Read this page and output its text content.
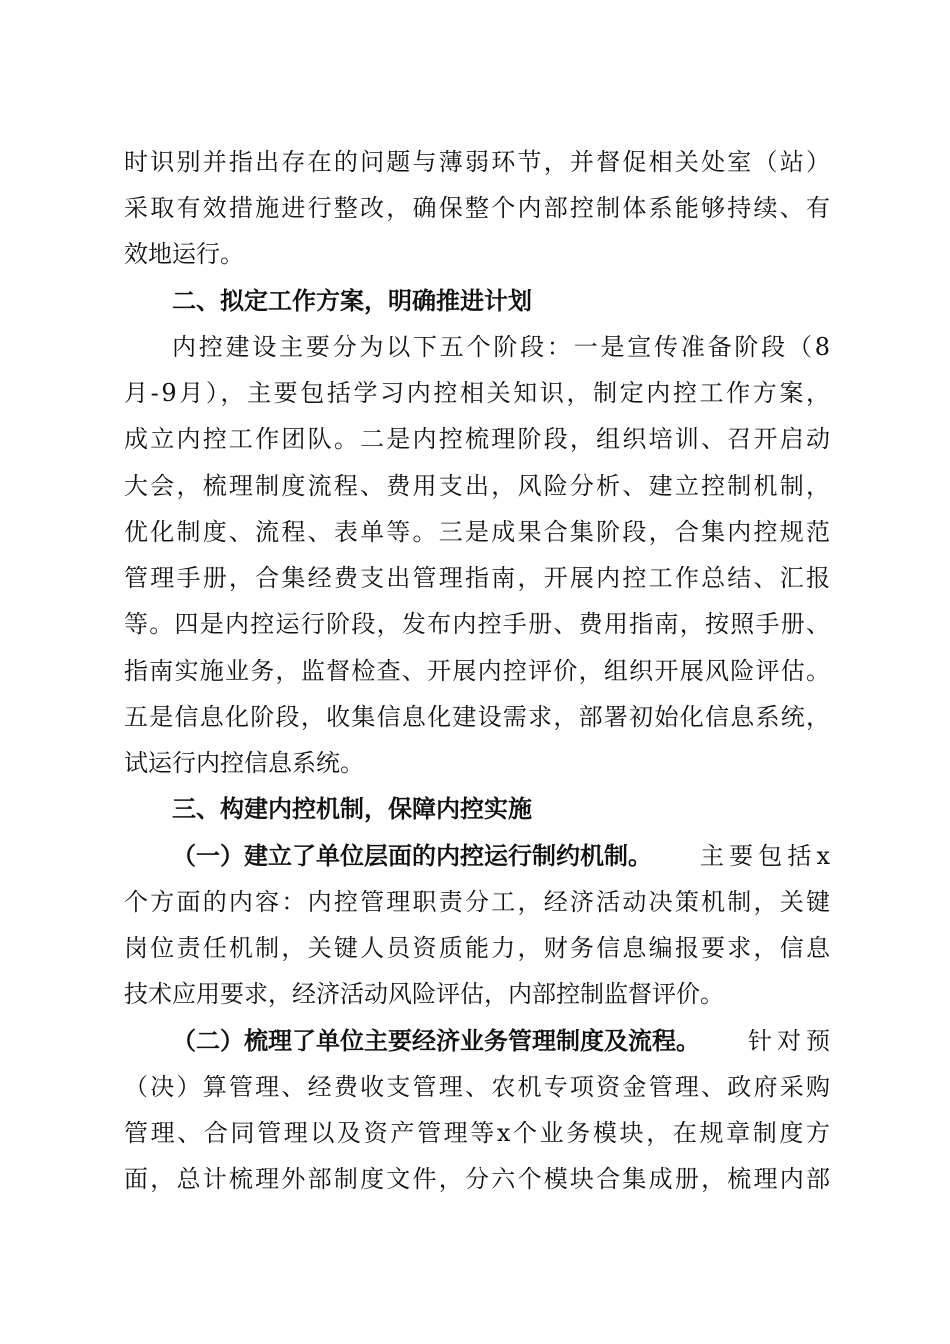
时识别并指出存在的问题与薄弱环节，并督促相关处室（站）
采取有效措施进行整改，确保整个内部控制体系能够持续、有
效地运行。
二、拟定工作方案，明确推进计划
内控建设主要分为以下五个阶段：一是宣传准备阶段（8
月-9月），主要包括学习内控相关知识，制定内控工作方案，
成立内控工作团队。二是内控梳理阶段，组织培训、召开启动
大会，梳理制度流程、费用支出，风险分析、建立控制机制，
优化制度、流程、表单等。三是成果合集阶段，合集内控规范
管理手册，合集经费支出管理指南，开展内控工作总结、汇报
等。四是内控运行阶段，发布内控手册、费用指南，按照手册、
指南实施业务，监督检查、开展内控评价，组织开展风险评估。
五是信息化阶段，收集信息化建设需求，部署初始化信息系统，
试运行内控信息系统。
三、构建内控机制，保障内控实施
（一）建立了单位层面的内控运行制约机制。 主要包括x
个方面的内容：内控管理职责分工，经济活动决策机制，关键
岗位责任机制，关键人员资质能力，财务信息编报要求，信息
技术应用要求，经济活动风险评估，内部控制监督评价。
（二）梳理了单位主要经济业务管理制度及流程。 针对预
（决）算管理、经费收支管理、农机专项资金管理、政府采购
管理、合同管理以及资产管理等x个业务模块，在规章制度方
面，总计梳理外部制度文件，分六个模块合集成册，梳理内部
